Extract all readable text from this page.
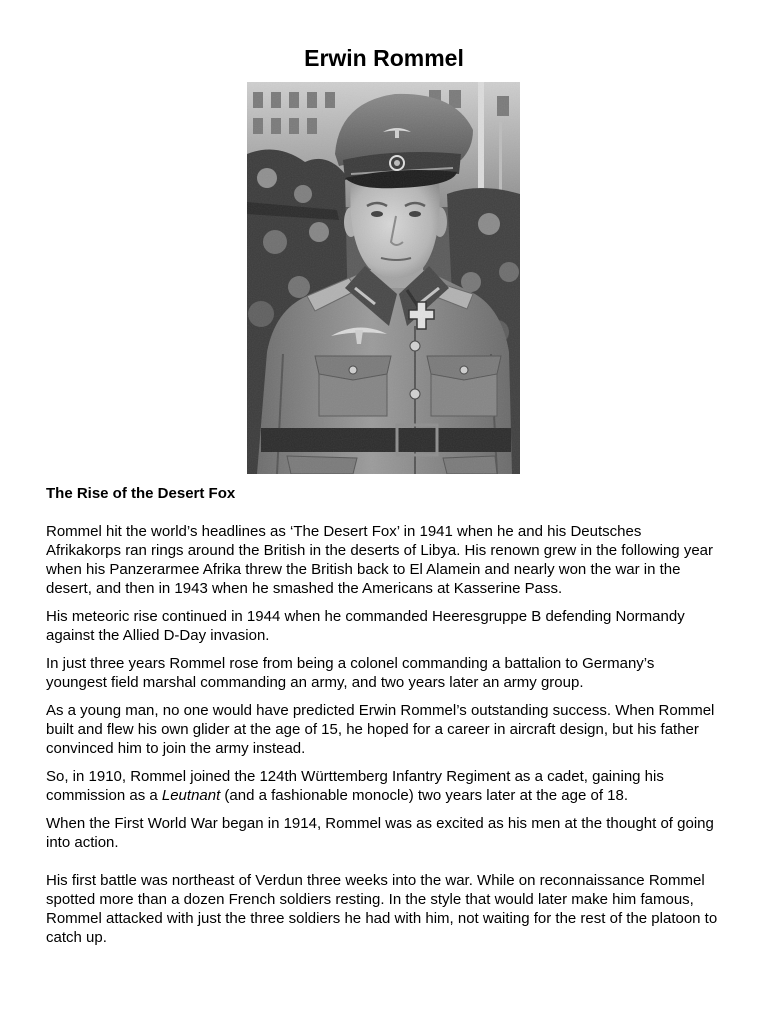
Erwin Rommel
The Rise of the Desert Fox

Rommel hit the world’s headlines as ‘The Desert Fox’ in 1941 when he and his Deutsches Afrikakorps ran rings around the British in the deserts of Libya. His renown grew in the following year when his Panzerarmee Afrika threw the British back to El Alamein and nearly won the war in the desert, and then in 1943 when he smashed the Americans at Kasserine Pass.

His meteoric rise continued in 1944 when he commanded Heeresgruppe B defending Normandy against the Allied D-Day invasion.

In just three years Rommel rose from being a colonel commanding a battalion to Germany’s youngest field marshal commanding an army, and two years later an army group.

As a young man, no one would have predicted Erwin Rommel’s outstanding success. When Rommel built and flew his own glider at the age of 15, he hoped for a career in aircraft design, but his father convinced him to join the army instead.

So, in 1910, Rommel joined the 124th Württemberg Infantry Regiment as a cadet, gaining his commission as a Leutnant (and a fashionable monocle) two years later at the age of 18.

When the First World War began in 1914, Rommel was as excited as his men at the thought of going into action.

His first battle was northeast of Verdun three weeks into the war. While on reconnaissance Rommel spotted more than a dozen French soldiers resting. In the style that would later make him famous, Rommel attacked with just the three soldiers he had with him, not waiting for the rest of the platoon to catch up.
